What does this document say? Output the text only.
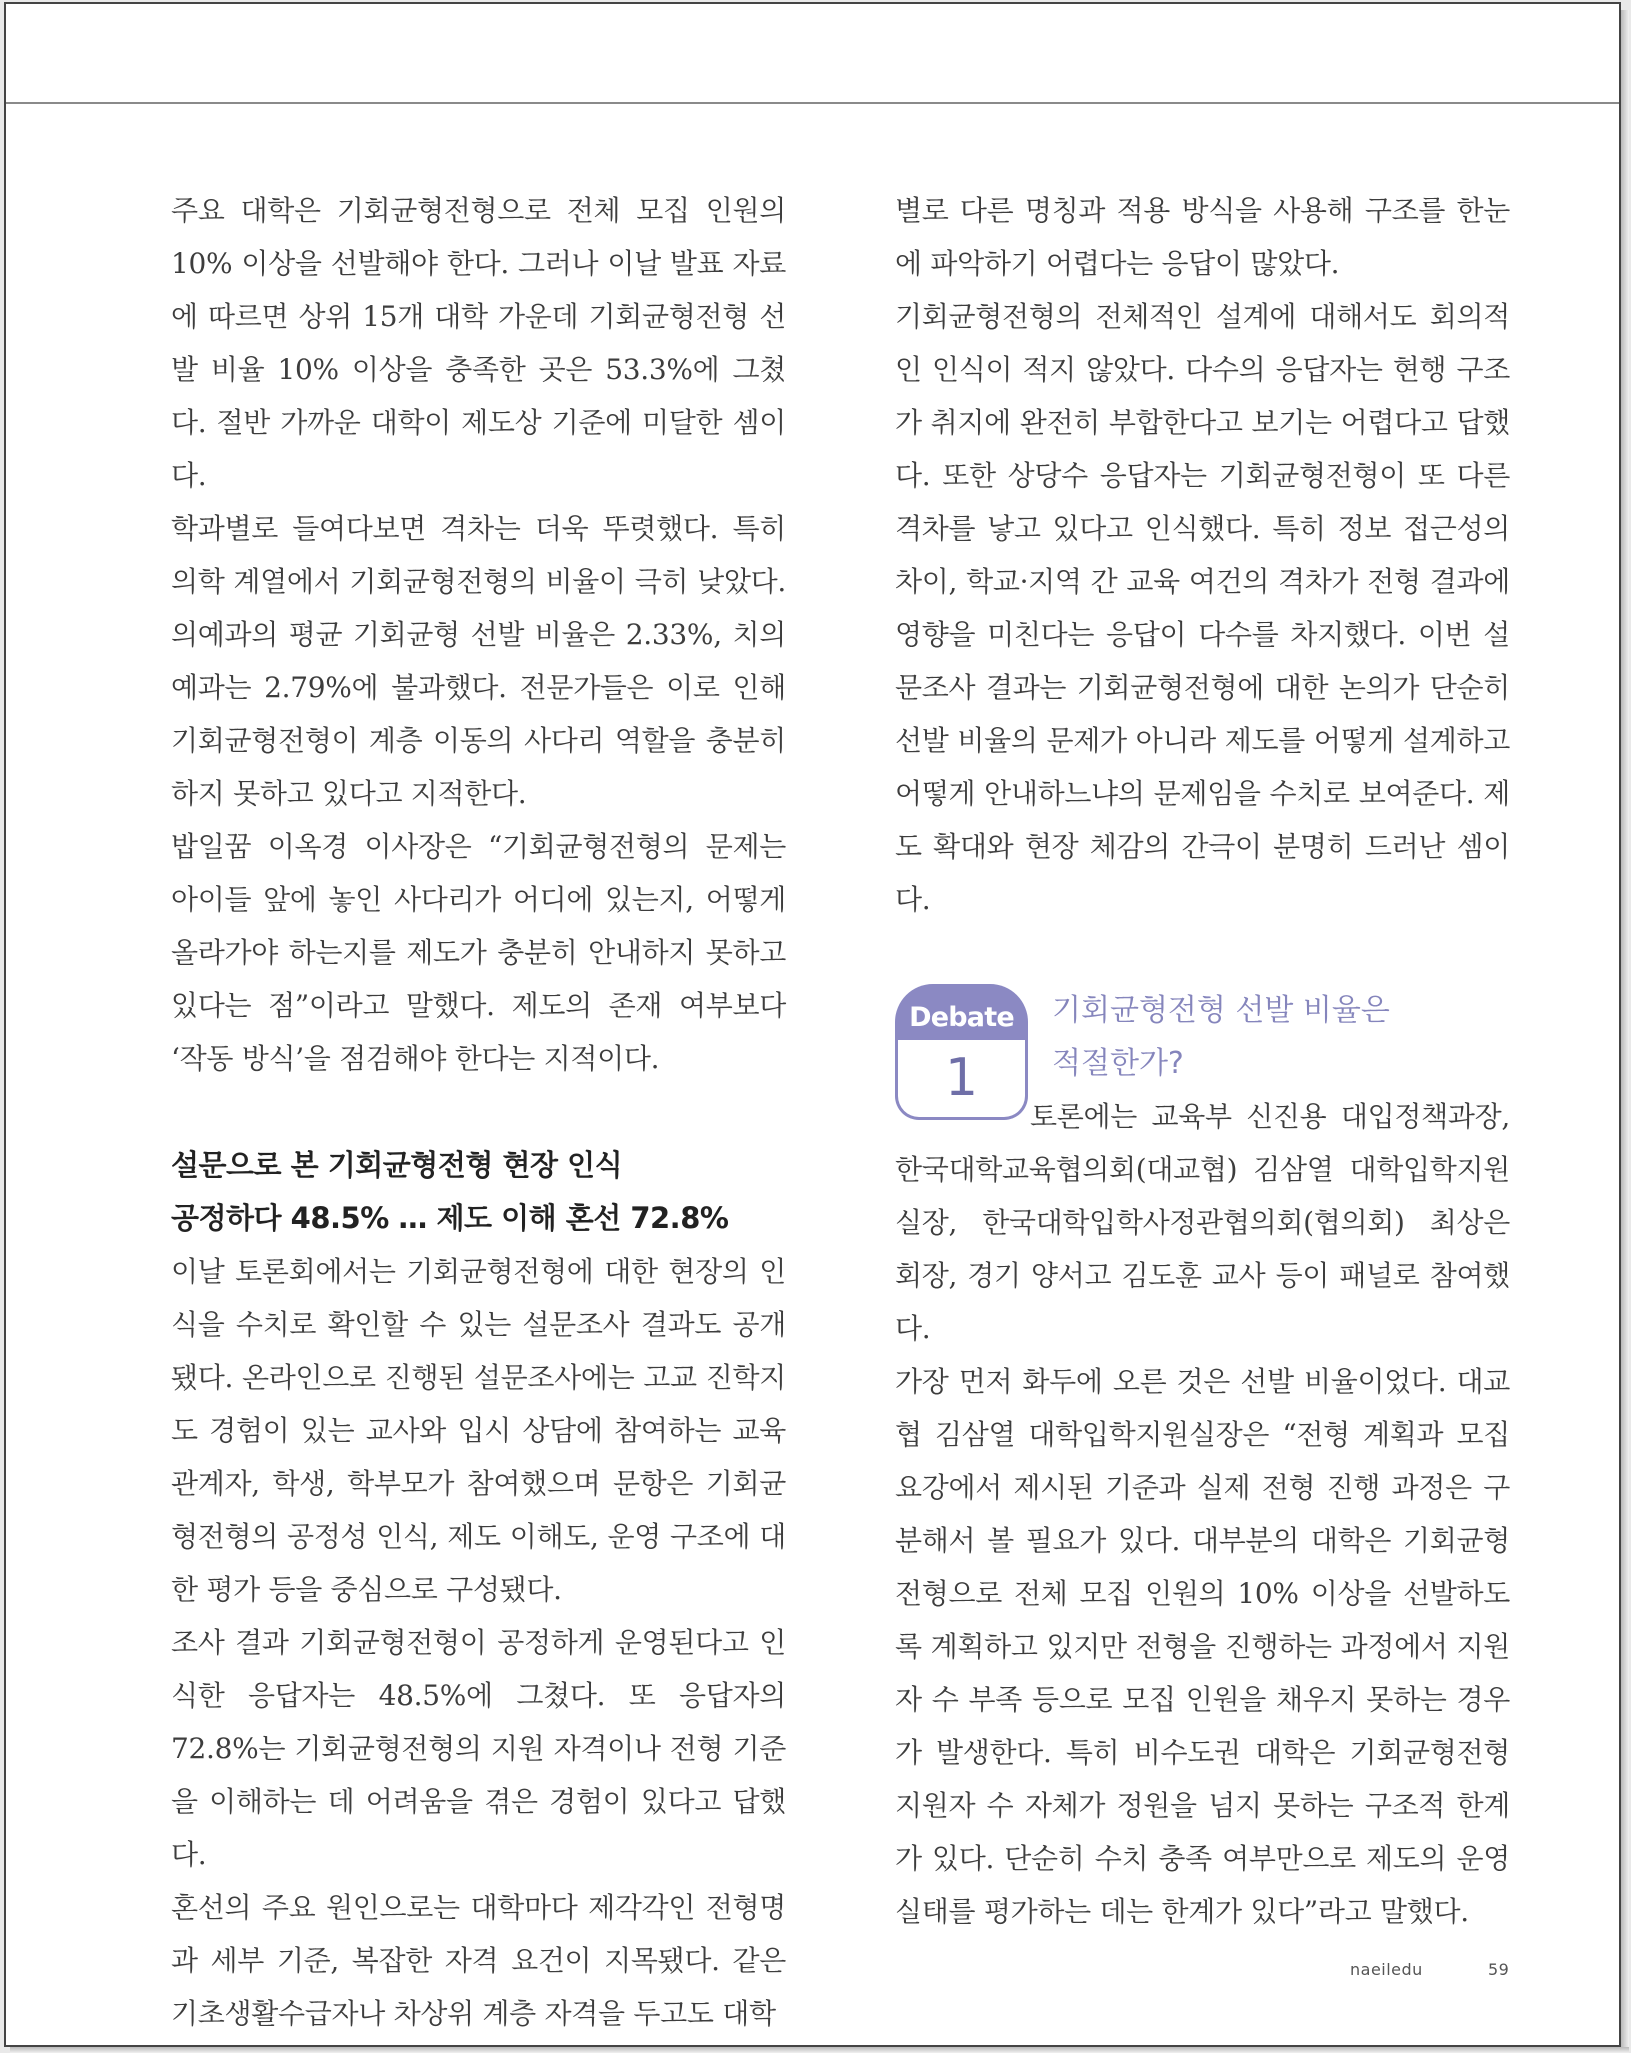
주요 대학은 기회균형전형으로 전체 모집 인원의 10% 이상을 선발해야 한다. 그러나 이날 발표 자료에 따르면 상위 15개 대학 가운데 기회균형전형 선발 비율 10% 이상을 충족한 곳은 53.3%에 그쳤다. 절반 가까운 대학이 제도상 기준에 미달한 셈이다.

학과별로 들여다보면 격차는 더욱 뚜렷했다. 특히 의학 계열에서 기회균형전형의 비율이 극히 낮았다. 의예과의 평균 기회균형 선발 비율은 2.33%, 치의예과는 2.79%에 불과했다. 전문가들은 이로 인해 기회균형전형이 계층 이동의 사다리 역할을 충분히 하지 못하고 있다고 지적한다.

밥일꿈 이옥경 이사장은 “기회균형전형의 문제는 아이들 앞에 놓인 사다리가 어디에 있는지, 어떻게 올라가야 하는지를 제도가 충분히 안내하지 못하고 있다는 점”이라고 말했다. 제도의 존재 여부보다 ‘작동 방식’을 점검해야 한다는 지적이다.

설문으로 본 기회균형전형 현장 인식

공정하다 48.5% … 제도 이해 혼선 72.8%

이날 토론회에서는 기회균형전형에 대한 현장의 인식을 수치로 확인할 수 있는 설문조사 결과도 공개됐다. 온라인으로 진행된 설문조사에는 고교 진학지도 경험이 있는 교사와 입시 상담에 참여하는 교육 관계자, 학생, 학부모가 참여했으며 문항은 기회균형전형의 공정성 인식, 제도 이해도, 운영 구조에 대한 평가 등을 중심으로 구성됐다.

조사 결과 기회균형전형이 공정하게 운영된다고 인식한 응답자는 48.5%에 그쳤다. 또 응답자의 72.8%는 기회균형전형의 지원 자격이나 전형 기준을 이해하는 데 어려움을 겪은 경험이 있다고 답했다.

혼선의 주요 원인으로는 대학마다 제각각인 전형명과 세부 기준, 복잡한 자격 요건이 지목됐다. 같은 기초생활수급자나 차상위 계층 자격을 두고도 대학

별로 다른 명칭과 적용 방식을 사용해 구조를 한눈에 파악하기 어렵다는 응답이 많았다.

기회균형전형의 전체적인 설계에 대해서도 회의적인 인식이 적지 않았다. 다수의 응답자는 현행 구조가 취지에 완전히 부합한다고 보기는 어렵다고 답했다. 또한 상당수 응답자는 기회균형전형이 또 다른 격차를 낳고 있다고 인식했다. 특히 정보 접근성의 차이, 학교·지역 간 교육 여건의 격차가 전형 결과에 영향을 미친다는 응답이 다수를 차지했다. 이번 설문조사 결과는 기회균형전형에 대한 논의가 단순히 선발 비율의 문제가 아니라 제도를 어떻게 설계하고 어떻게 안내하느냐의 문제임을 수치로 보여준다. 제도 확대와 현장 체감의 간극이 분명히 드러난 셈이다.

Debate
1
기회균형전형 선발 비율은
적절한가?

토론에는 교육부 신진용 대입정책과장, 한국대학교육협의회(대교협) 김삼열 대학입학지원실장, 한국대학입학사정관협의회(협의회) 최상은 회장, 경기 양서고 김도훈 교사 등이 패널로 참여했다.

가장 먼저 화두에 오른 것은 선발 비율이었다. 대교협 김삼열 대학입학지원실장은 “전형 계획과 모집요강에서 제시된 기준과 실제 전형 진행 과정은 구분해서 볼 필요가 있다. 대부분의 대학은 기회균형전형으로 전체 모집 인원의 10% 이상을 선발하도록 계획하고 있지만 전형을 진행하는 과정에서 지원자 수 부족 등으로 모집 인원을 채우지 못하는 경우가 발생한다. 특히 비수도권 대학은 기회균형전형 지원자 수 자체가 정원을 넘지 못하는 구조적 한계가 있다. 단순히 수치 충족 여부만으로 제도의 운영 실태를 평가하는 데는 한계가 있다”라고 말했다.

naeiledu	59
